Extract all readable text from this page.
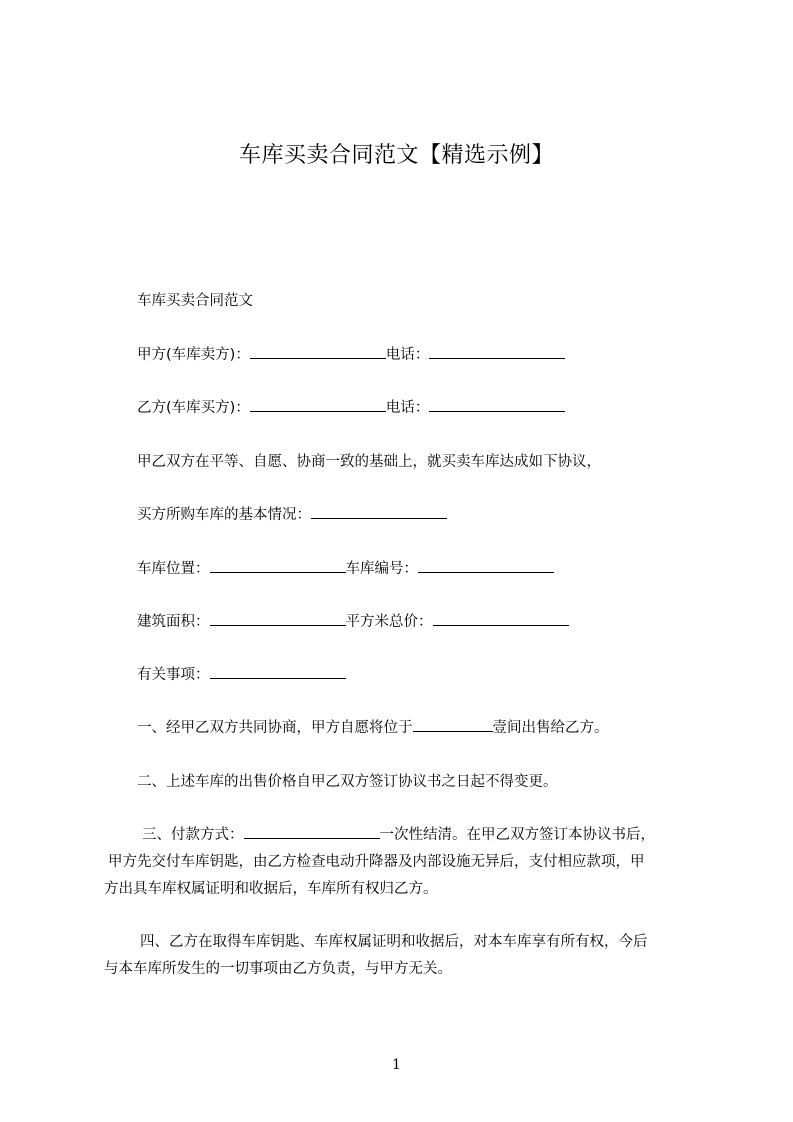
车库买卖合同范文【精选示例】
车库买卖合同范文
甲方(车库卖方)：	电话：
乙方(车库买方)：	电话：
甲乙双方在平等、自愿、协商一致的基础上，就买卖车库达成如下协议，
买方所购车库的基本情况：
车库位置：	车库编号：
建筑面积：	平方米总价：
有关事项：
一、经甲乙双方共同协商，甲方自愿将位于	壹间出售给乙方。
二、上述车库的出售价格自甲乙双方签订协议书之日起不得变更。
三、付款方式：	一次性结清。在甲乙双方签订本协议书后，
甲方先交付车库钥匙，由乙方检查电动升降器及内部设施无异后，支付相应款项，甲
方出具车库权属证明和收据后，车库所有权归乙方。
四、乙方在取得车库钥匙、车库权属证明和收据后，对本车库享有所有权，今后
与本车库所发生的一切事项由乙方负责，与甲方无关。
1
